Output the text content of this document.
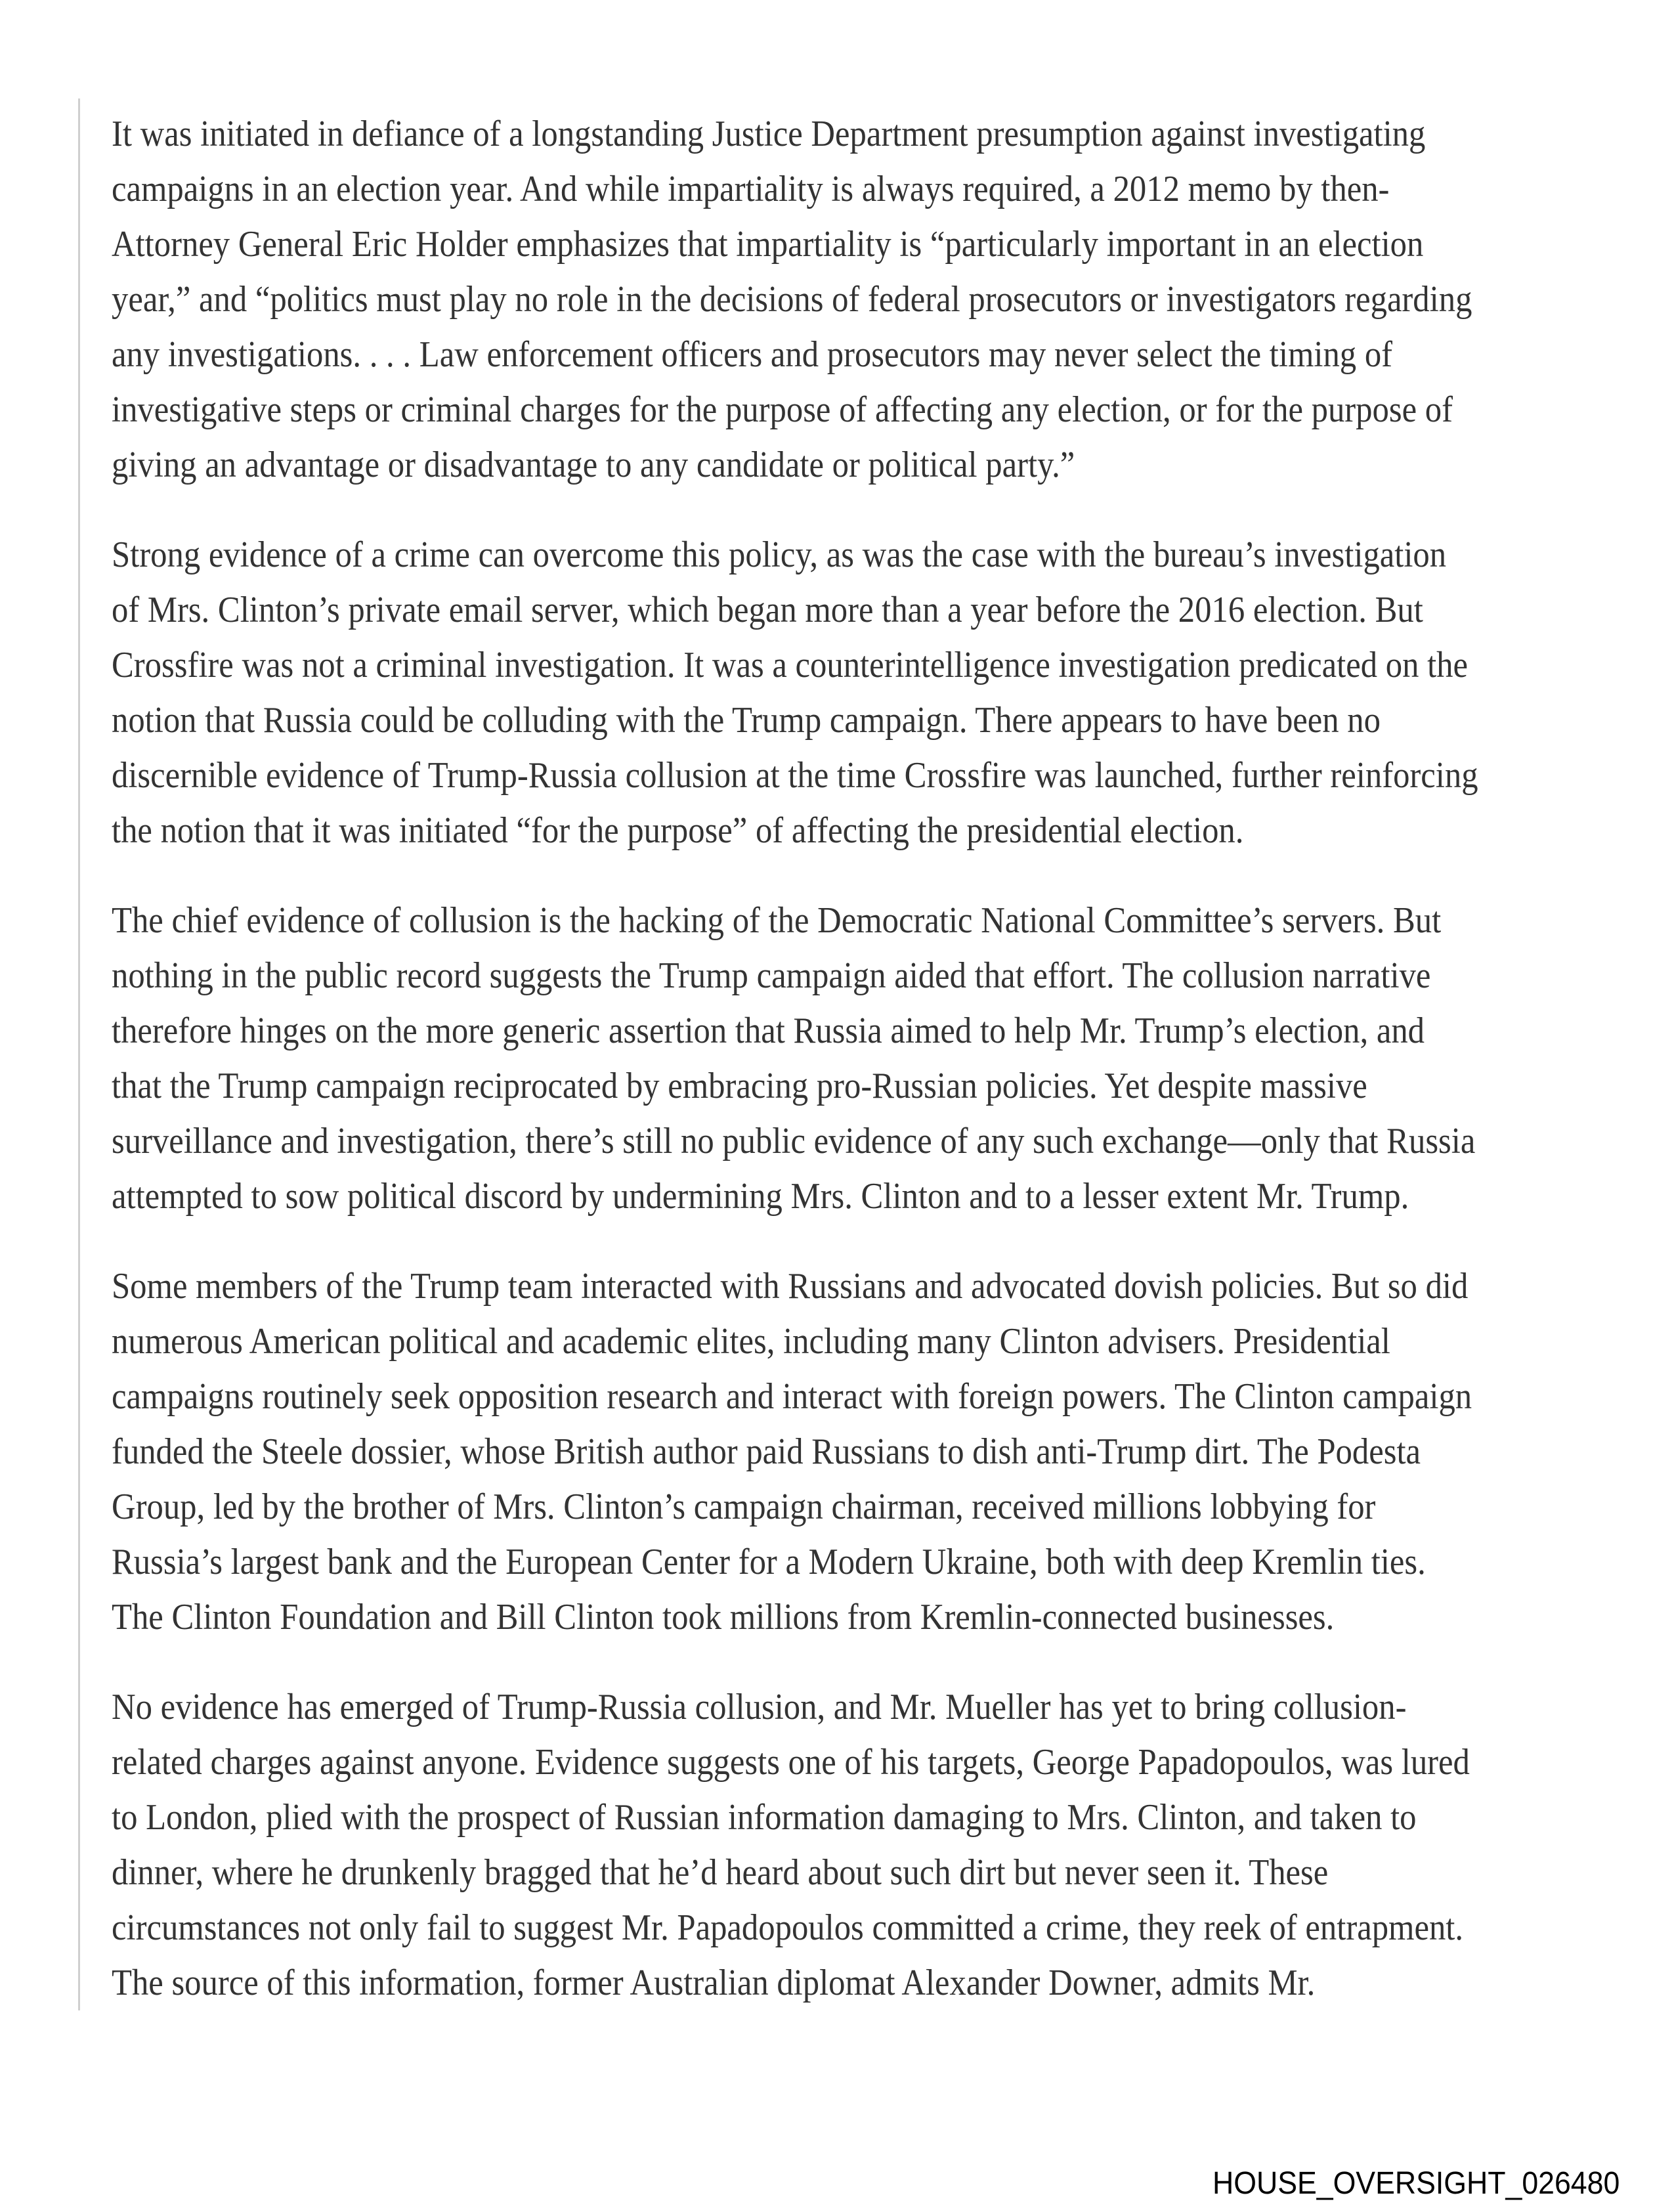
It was initiated in defiance of a longstanding Justice Department presumption against investigating
campaigns in an election year. And while impartiality is always required, a 2012 memo by then-
Attorney General Eric Holder emphasizes that impartiality is “particularly important in an election
year,” and “politics must play no role in the decisions of federal prosecutors or investigators regarding
any investigations. . . . Law enforcement officers and prosecutors may never select the timing of
investigative steps or criminal charges for the purpose of affecting any election, or for the purpose of
giving an advantage or disadvantage to any candidate or political party.”

Strong evidence of a crime can overcome this policy, as was the case with the bureau’s investigation
of Mrs. Clinton’s private email server, which began more than a year before the 2016 election. But
Crossfire was not a criminal investigation. It was a counterintelligence investigation predicated on the
notion that Russia could be colluding with the Trump campaign. There appears to have been no
discernible evidence of Trump-Russia collusion at the time Crossfire was launched, further reinforcing
the notion that it was initiated “for the purpose” of affecting the presidential election.

The chief evidence of collusion is the hacking of the Democratic National Committee’s servers. But
nothing in the public record suggests the Trump campaign aided that effort. The collusion narrative
therefore hinges on the more generic assertion that Russia aimed to help Mr. Trump’s election, and
that the Trump campaign reciprocated by embracing pro-Russian policies. Yet despite massive
surveillance and investigation, there’s still no public evidence of any such exchange—only that Russia
attempted to sow political discord by undermining Mrs. Clinton and to a lesser extent Mr. Trump.

Some members of the Trump team interacted with Russians and advocated dovish policies. But so did
numerous American political and academic elites, including many Clinton advisers. Presidential
campaigns routinely seek opposition research and interact with foreign powers. The Clinton campaign
funded the Steele dossier, whose British author paid Russians to dish anti-Trump dirt. The Podesta
Group, led by the brother of Mrs. Clinton’s campaign chairman, received millions lobbying for
Russia’s largest bank and the European Center for a Modern Ukraine, both with deep Kremlin ties.
The Clinton Foundation and Bill Clinton took millions from Kremlin-connected businesses.

No evidence has emerged of Trump-Russia collusion, and Mr. Mueller has yet to bring collusion-
related charges against anyone. Evidence suggests one of his targets, George Papadopoulos, was lured
to London, plied with the prospect of Russian information damaging to Mrs. Clinton, and taken to
dinner, where he drunkenly bragged that he’d heard about such dirt but never seen it. These
circumstances not only fail to suggest Mr. Papadopoulos committed a crime, they reek of entrapment.
The source of this information, former Australian diplomat Alexander Downer, admits Mr.

HOUSE_OVERSIGHT_026480
